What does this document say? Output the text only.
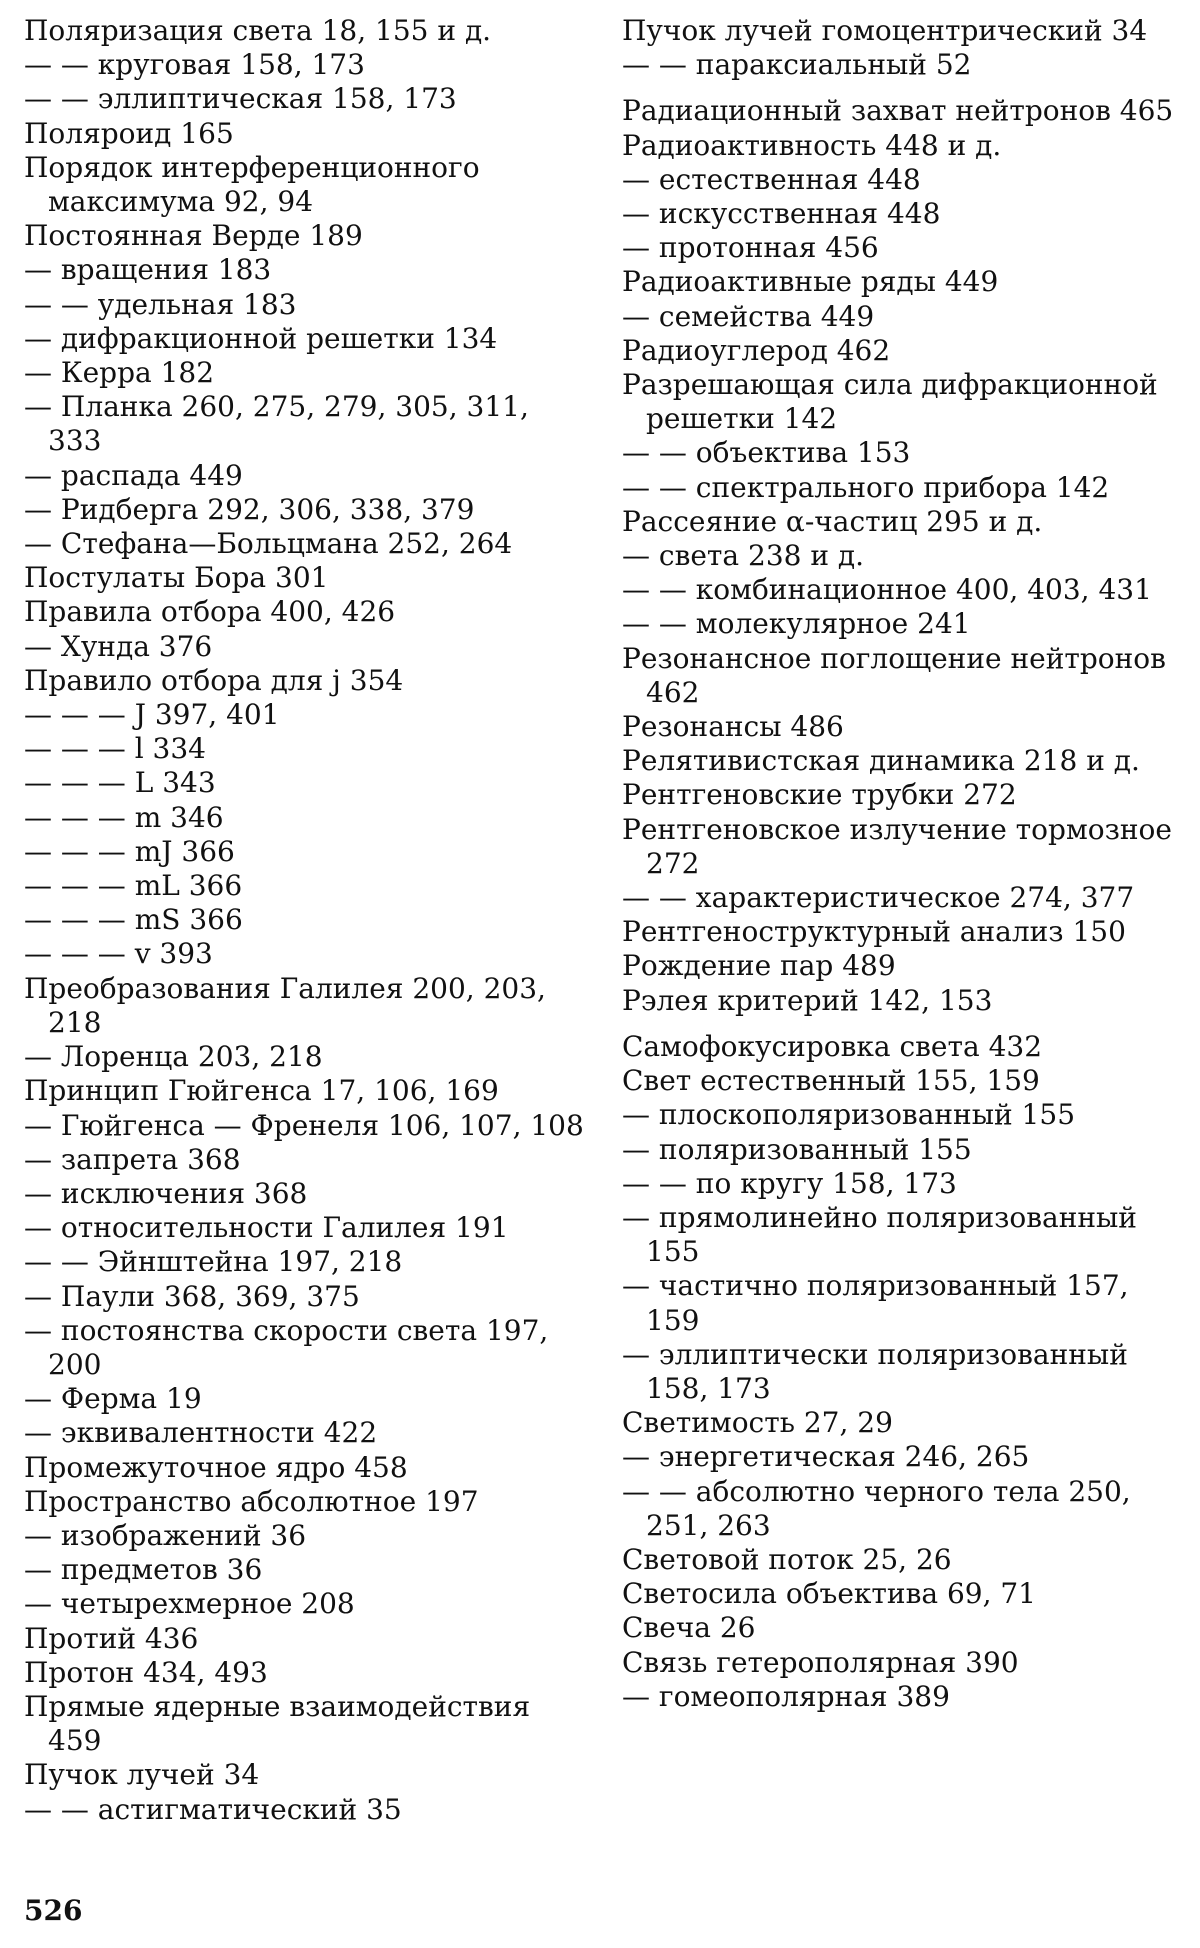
Поляризация света 18, 155 и д.

— — круговая 158, 173

— — эллиптическая 158, 173

Поляроид 165

Порядок интерференционного максимума 92, 94

Постоянная Верде 189

— вращения 183

— — удельная 183

— дифракционной решетки 134

— Керра 182

— Планка 260, 275, 279, 305, 311, 333

— распада 449

— Ридберга 292, 306, 338, 379

— Стефана—Больцмана 252, 264

Постулаты Бора 301

Правила отбора 400, 426

— Хунда 376

Правило отбора для j 354

— — — J 397, 401

— — — l 334

— — — L 343

— — — m 346

— — — mJ 366

— — — mL 366

— — — mS 366

— — — v 393

Преобразования Галилея 200, 203, 218

— Лоренца 203, 218

Принцип Гюйгенса 17, 106, 169

— Гюйгенса — Френеля 106, 107, 108

— запрета 368

— исключения 368

— относительности Галилея 191

— — Эйнштейна 197, 218

— Паули 368, 369, 375

— постоянства скорости света 197, 200

— Ферма 19

— эквивалентности 422

Промежуточное ядро 458

Пространство абсолютное 197

— изображений 36

— предметов 36

— четырехмерное 208

Протий 436

Протон 434, 493

Прямые ядерные взаимодействия 459

Пучок лучей 34

— — астигматический 35

Пучок лучей гомоцентрический 34

— — параксиальный 52

Радиационный захват нейтронов 465

Радиоактивность 448 и д.

— естественная 448

— искусственная 448

— протонная 456

Радиоактивные ряды 449

— семейства 449

Радиоуглерод 462

Разрешающая сила дифракционной решетки 142

— — объектива 153

— — спектрального прибора 142

Рассеяние α-частиц 295 и д.

— света 238 и д.

— — комбинационное 400, 403, 431

— — молекулярное 241

Резонансное поглощение нейтронов 462

Резонансы 486

Релятивистская динамика 218 и д.

Рентгеновские трубки 272

Рентгеновское излучение тормозное 272

— — характеристическое 274, 377

Рентгеноструктурный анализ 150

Рождение пар 489

Рэлея критерий 142, 153

Самофокусировка света 432

Свет естественный 155, 159

— плоскополяризованный 155

— поляризованный 155

— — по кругу 158, 173

— прямолинейно поляризованный 155

— частично поляризованный 157, 159

— эллиптически поляризованный 158, 173

Светимость 27, 29

— энергетическая 246, 265

— — абсолютно черного тела 250, 251, 263

Световой поток 25, 26

Светосила объектива 69, 71

Свеча 26

Связь гетерополярная 390

— гомеополярная 389

526
